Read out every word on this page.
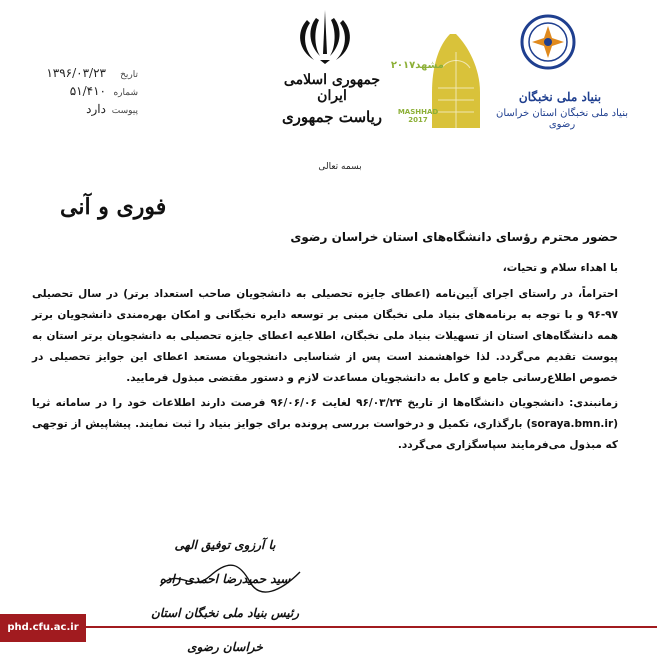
تاریخ
۱۳۹۶/۰۳/۲۳
شماره
۵۱/۴۱۰
پیوست
دارد
جمهوری اسلامی ایران
ریاست جمهوری
مشهد۲۰۱۷
MASHHAD 2017
بنیاد ملی نخبگان
بنیاد ملی نخبگان استان خراسان رضوی
بسمه تعالی
فوری و آنی

حضور محترم رؤسای دانشگاه‌های استان خراسان رضوی

با اهداء سلام و تحیات،

احتراماً، در راستای اجرای آیین‌نامه (اعطای جایزه تحصیلی به دانشجویان صاحب استعداد برتر) در سال تحصیلی ۹۷-۹۶ و با توجه به برنامه‌های بنیاد ملی نخبگان مبنی بر توسعه دایره نخبگانی و امکان بهره‌مندی دانشجویان برتر همه دانشگاه‌های استان از تسهیلات بنیاد ملی نخبگان، اطلاعیه اعطای جایزه تحصیلی به دانشجویان برتر استان به پیوست تقدیم می‌گردد. لذا خواهشمند است پس از شناسایی دانشجویان مستعد اعطای این جوایز تحصیلی در خصوص اطلاع‌رسانی جامع و کامل به دانشجویان مساعدت لازم و دستور مقتضی مبذول فرمایید.

زمانبندی: دانشجویان دانشگاه‌ها از تاریخ ۹۶/۰۳/۲۴ لغایت ۹۶/۰۶/۰۶ فرصت دارند اطلاعات خود را در سامانه ثریا (soraya.bmn.ir) بارگذاری، تکمیل و درخواست بررسی پرونده برای جوایز بنیاد را ثبت نمایند. پیشاپیش از توجهی که مبذول می‌فرمایند سپاسگزاری می‌گردد.

با آرزوی توفیق الهی
سید حمیدرضا احمدی زاده
رئیس بنیاد ملی نخبگان استان خراسان رضوی
phd.cfu.ac.ir
